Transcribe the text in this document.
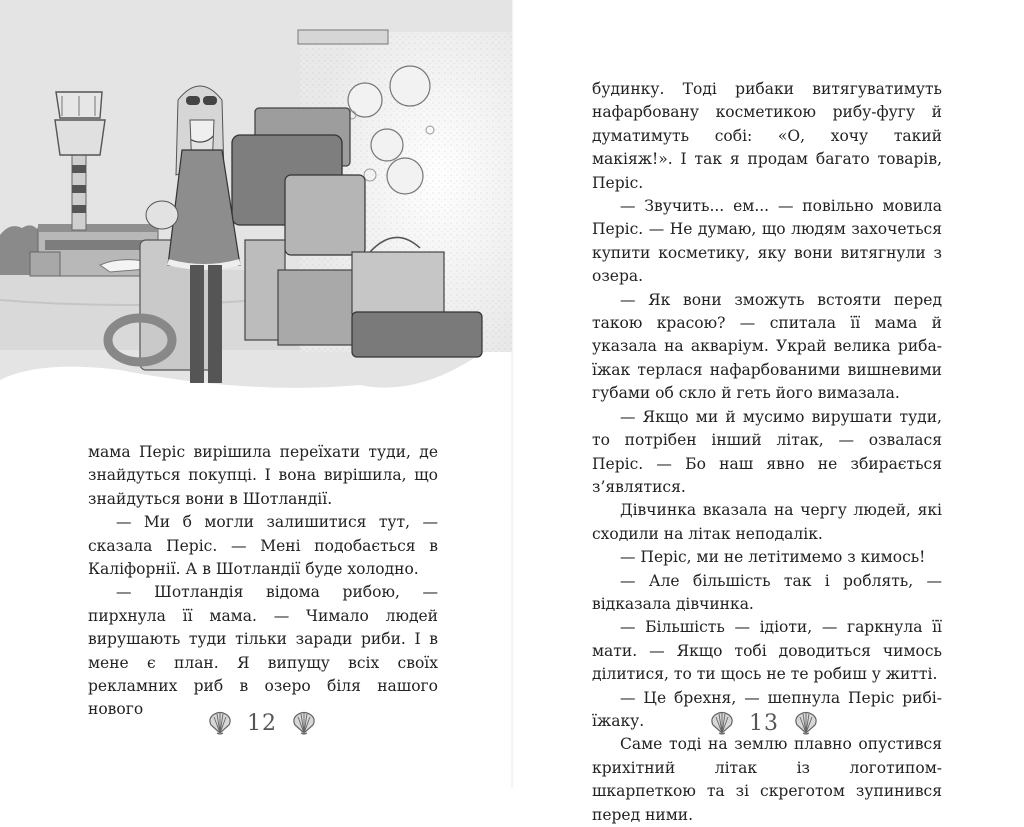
мама Періс вирішила переїхати туди, де знайдуться покупці. І вона вирішила, що знайдуться вони в Шотландії.

— Ми б могли залишитися тут, — сказала Періс. — Мені подобається в Каліфорнії. А в Шотландії буде холодно.

— Шотландія відома рибою, — пирхнула її мама. — Чимало людей вирушають туди тільки заради риби. І в мене є план. Я випущу всіх своїх рекламних риб в озеро біля нашого нового

12

будинку. Тоді рибаки витягуватимуть нафарбовану косметикою рибу-фугу й думатимуть собі: «О, хочу такий макіяж!». І так я продам багато товарів, Періс.

— Звучить... ем... — повільно мовила Періс. — Не думаю, що людям захочеться купити косметику, яку вони витягнули з озера.

— Як вони зможуть встояти перед такою красою? — спитала її мама й указала на акваріум. Украй велика риба-їжак терлася нафарбованими вишневими губами об скло й геть його вимазала.

— Якщо ми й мусимо вирушати туди, то потрібен інший літак, — озвалася Періс. — Бо наш явно не збирається з’являтися.

Дівчинка вказала на чергу людей, які сходили на літак неподалік.

— Періс, ми не летітимемо з кимось!

— Але більшість так і роблять, — відказала дівчинка.

— Більшість — ідіоти, — гаркнула її мати. — Якщо тобі доводиться чимось ділитися, то ти щось не те робиш у житті.

— Це брехня, — шепнула Періс рибі-їжаку.

Саме тоді на землю плавно опустився крихітний літак із логотипом-шкарпеткою та зі скреготом зупинився перед ними.

13
